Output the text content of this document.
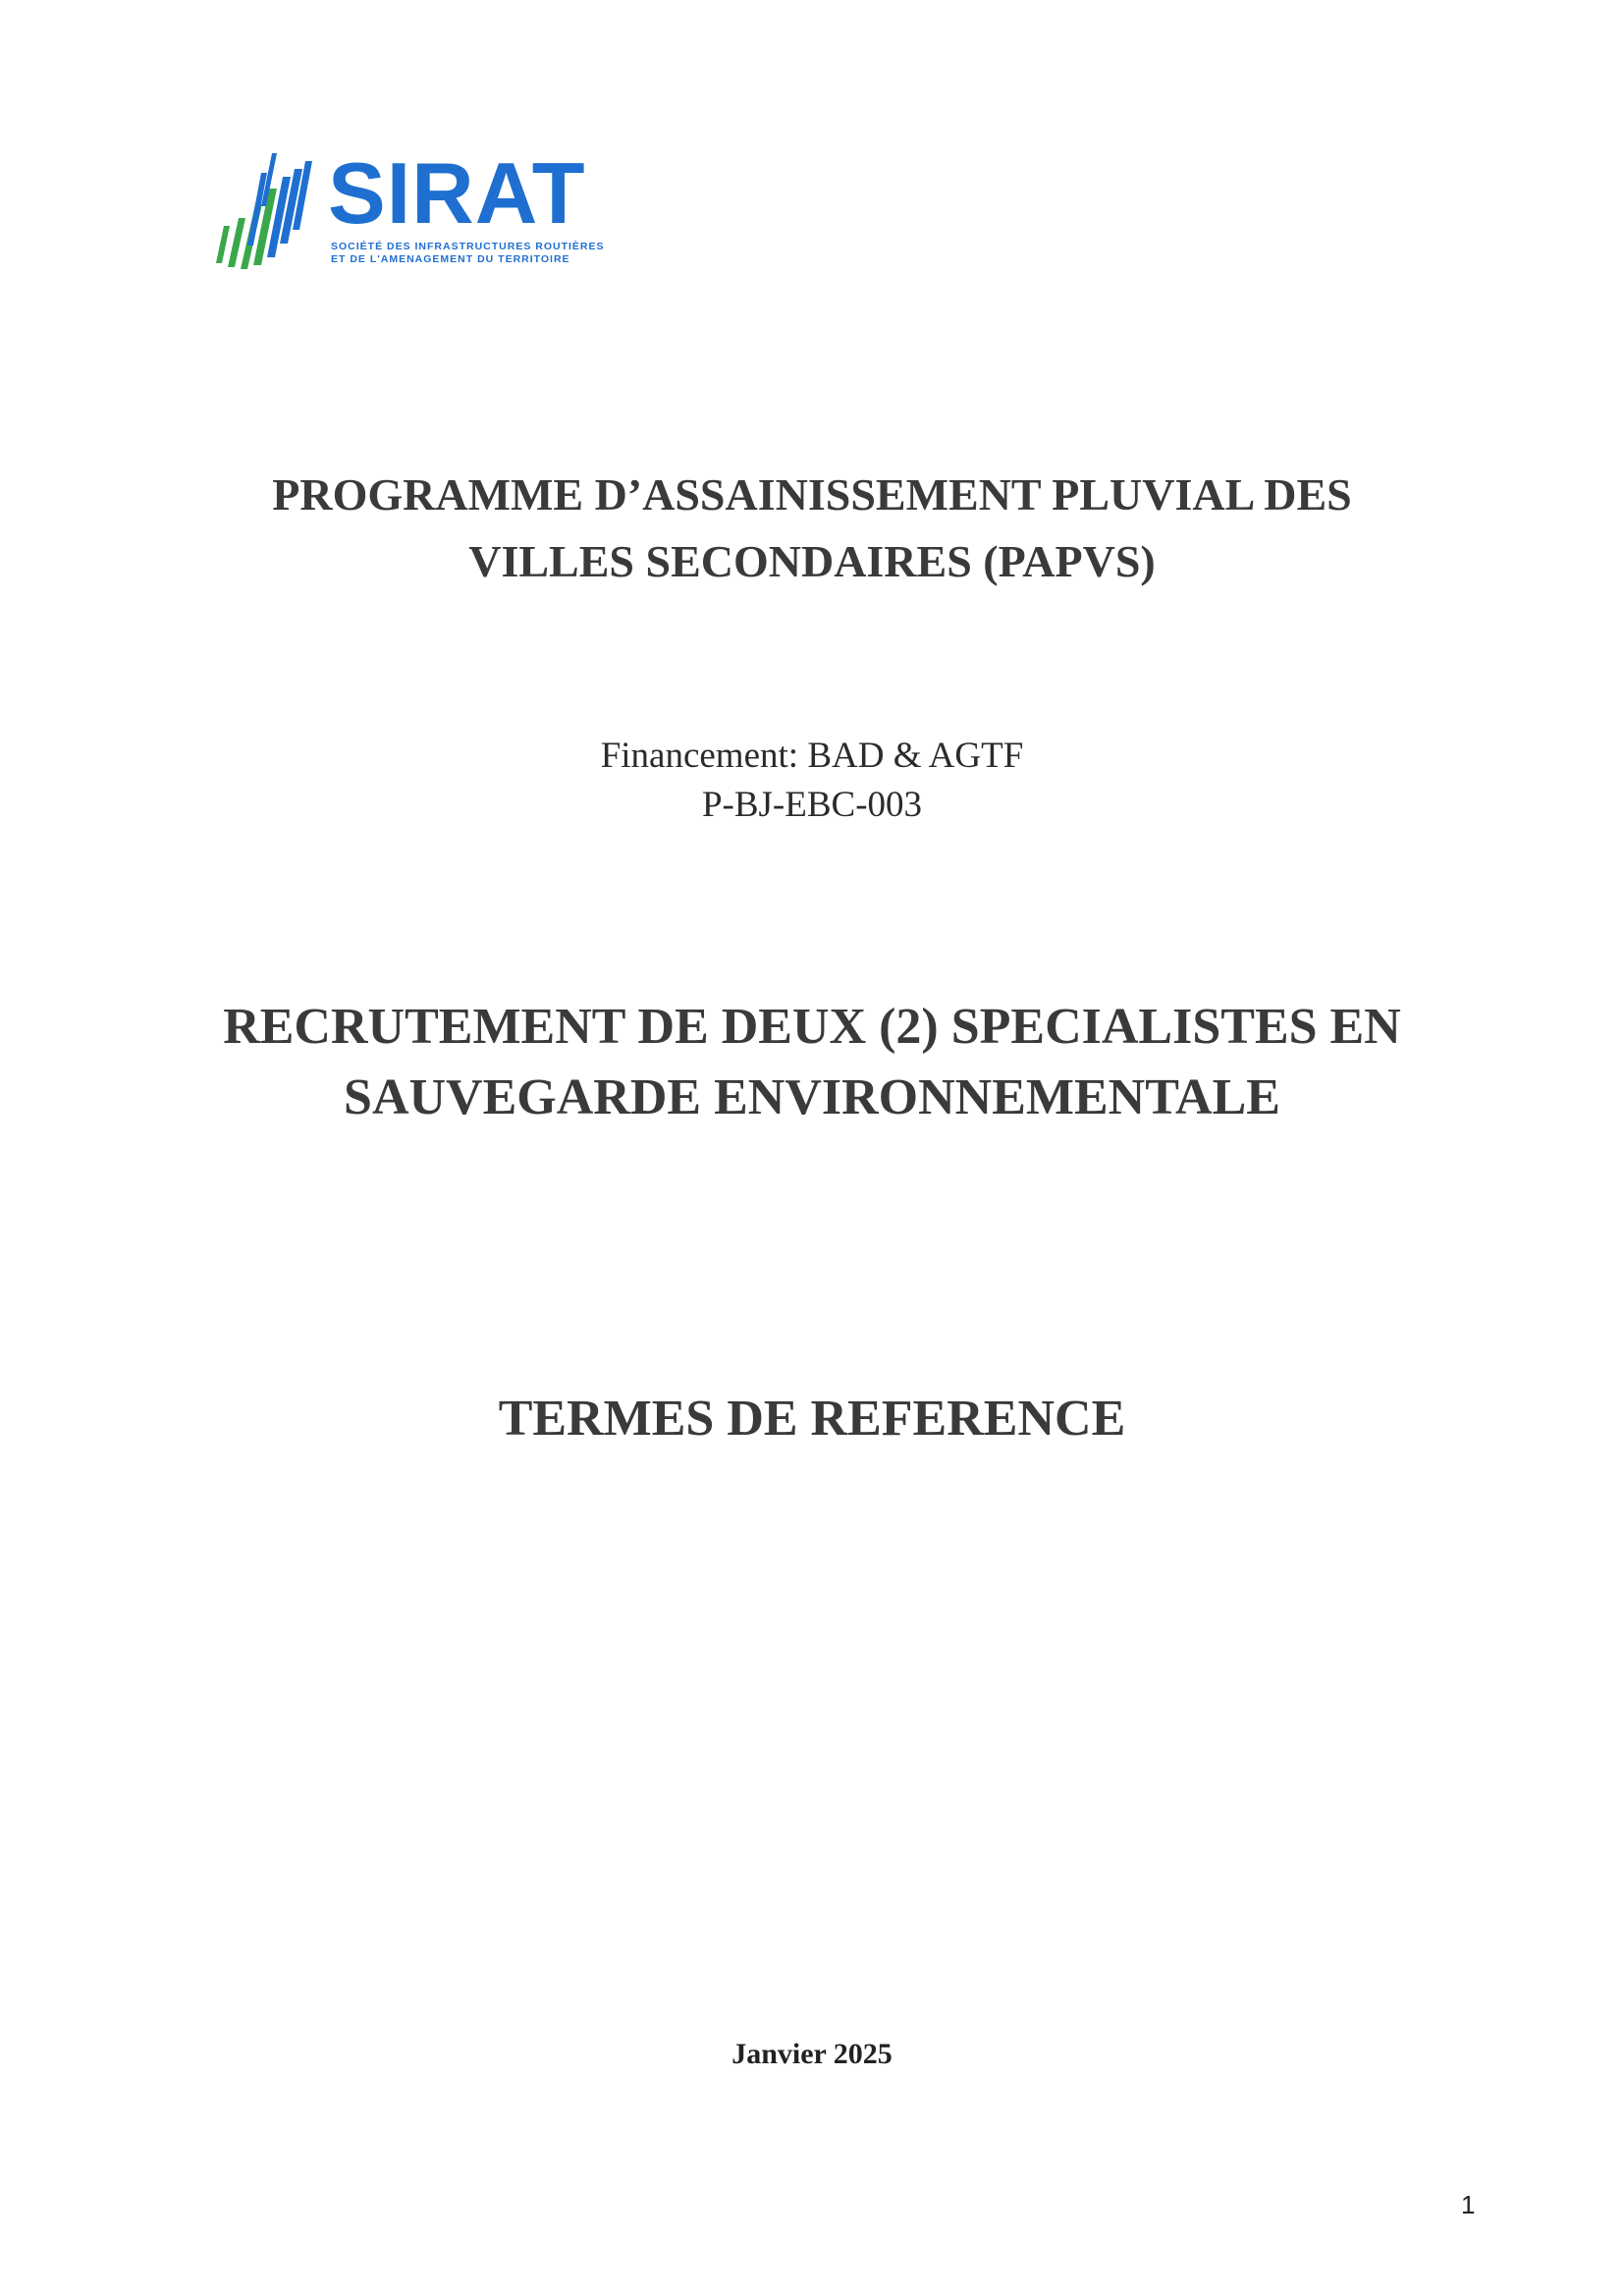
SIRAT
SOCIÉTÉ DES INFRASTRUCTURES ROUTIÈRES
ET DE L'AMENAGEMENT DU TERRITOIRE
PROGRAMME D’ASSAINISSEMENT PLUVIAL DES
VILLES SECONDAIRES (PAPVS)
Financement: BAD & AGTF
P-BJ-EBC-003
RECRUTEMENT DE DEUX (2) SPECIALISTES EN
SAUVEGARDE ENVIRONNEMENTALE
TERMES DE REFERENCE
Janvier 2025
1
